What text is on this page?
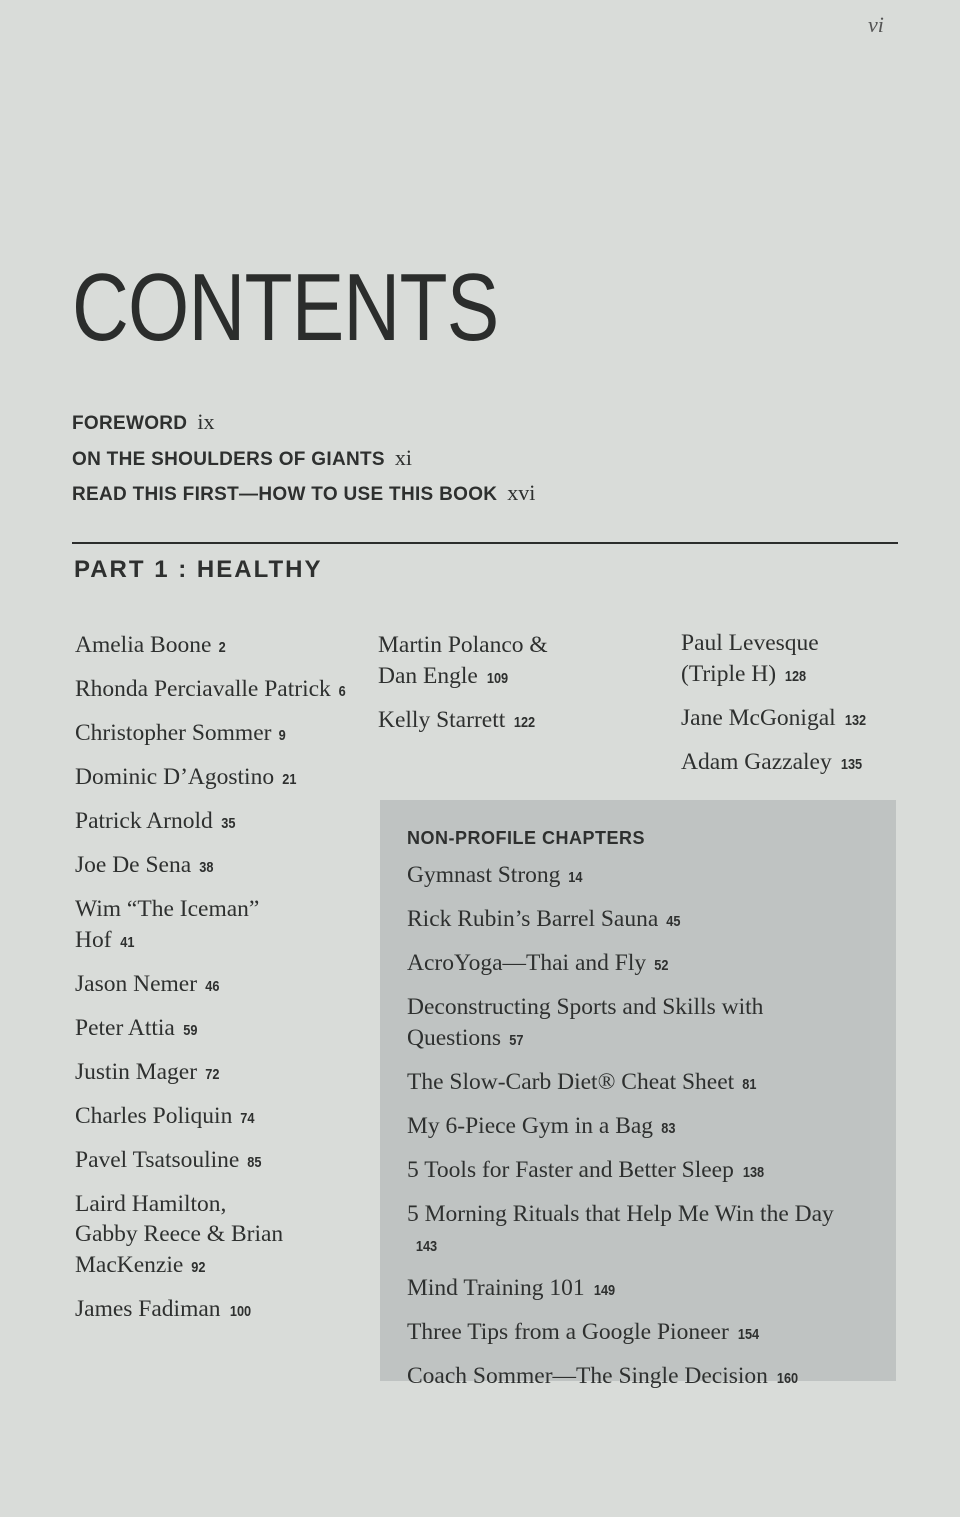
vi
CONTENTS
FOREWORD ix
ON THE SHOULDERS OF GIANTS xi
READ THIS FIRST—HOW TO USE THIS BOOK xvi
PART 1 : HEALTHY
Amelia Boone 2
Rhonda Perciavalle Patrick 6
Christopher Sommer 9
Dominic D’Agostino 21
Patrick Arnold 35
Joe De Sena 38
Wim “The Iceman” Hof 41
Jason Nemer 46
Peter Attia 59
Justin Mager 72
Charles Poliquin 74
Pavel Tsatsouline 85
Laird Hamilton, Gabby Reece & Brian MacKenzie 92
James Fadiman 100
Martin Polanco & Dan Engle 109
Kelly Starrett 122
Paul Levesque (Triple H) 128
Jane McGonigal 132
Adam Gazzaley 135
NON-PROFILE CHAPTERS
Gymnast Strong 14
Rick Rubin’s Barrel Sauna 45
AcroYoga—Thai and Fly 52
Deconstructing Sports and Skills with Questions 57
The Slow-Carb Diet® Cheat Sheet 81
My 6-Piece Gym in a Bag 83
5 Tools for Faster and Better Sleep 138
5 Morning Rituals that Help Me Win the Day143
Mind Training 101 149
Three Tips from a Google Pioneer 154
Coach Sommer—The Single Decision 160
